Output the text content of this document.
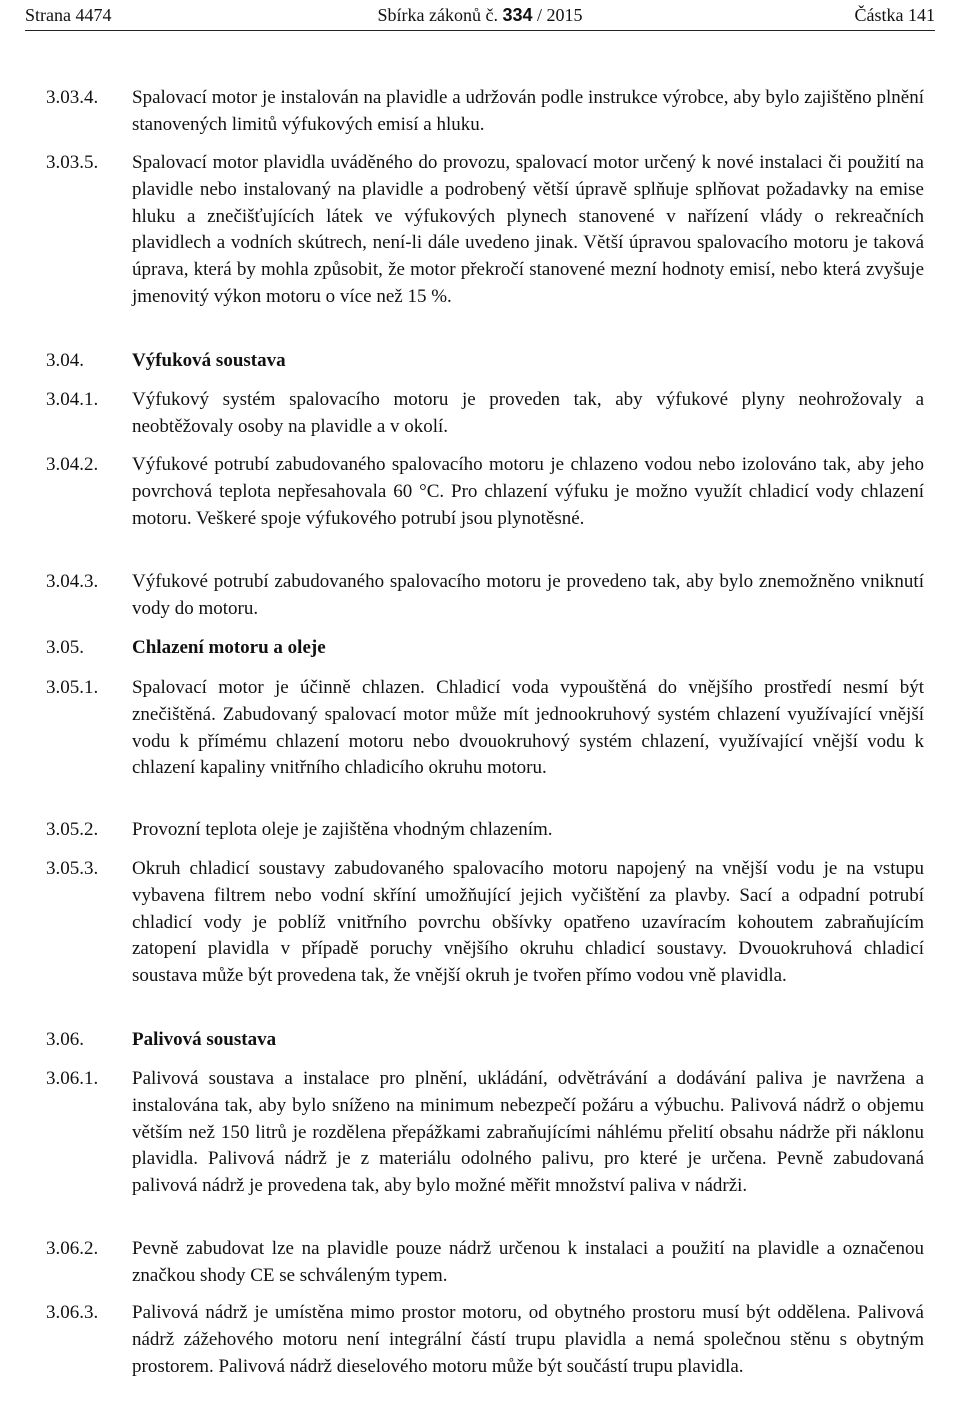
Strana 4474	Sbírka zákonů č. 334 / 2015	Částka 141
3.03.4.	Spalovací motor je instalován na plavidle a udržován podle instrukce výrobce, aby bylo zajištěno plnění stanovených limitů výfukových emisí a hluku.
3.03.5.	Spalovací motor plavidla uváděného do provozu, spalovací motor určený k nové instalaci či použití na plavidle nebo instalovaný na plavidle a podrobený větší úpravě splňuje splňovat požadavky na emise hluku a znečišťujících látek ve výfukových plynech stanovené v nařízení vlády o rekreačních plavidlech a vodních skútrech, není-li dále uvedeno jinak. Větší úpravou spalovacího motoru je taková úprava, která by mohla způsobit, že motor překročí stanovené mezní hodnoty emisí, nebo která zvyšuje jmenovitý výkon motoru o více než 15 %.
3.04.	Výfuková soustava
3.04.1.	Výfukový systém spalovacího motoru je proveden tak, aby výfukové plyny neohrožovaly a neobtěžovaly osoby na plavidle a v okolí.
3.04.2.	Výfukové potrubí zabudovaného spalovacího motoru je chlazeno vodou nebo izolováno tak, aby jeho povrchová teplota nepřesahovala 60 °C. Pro chlazení výfuku je možno využít chladicí vody chlazení motoru. Veškeré spoje výfukového potrubí jsou plynotěsné.
3.04.3.	Výfukové potrubí zabudovaného spalovacího motoru je provedeno tak, aby bylo znemožněno vniknutí vody do motoru.
3.05.	Chlazení motoru a oleje
3.05.1.	Spalovací motor je účinně chlazen. Chladicí voda vypouštěná do vnějšího prostředí nesmí být znečištěná. Zabudovaný spalovací motor může mít jednookruhový systém chlazení využívající vnější vodu k přímému chlazení motoru nebo dvouokruhový systém chlazení, využívající vnější vodu k chlazení kapaliny vnitřního chladicího okruhu motoru.
3.05.2.	Provozní teplota oleje je zajištěna vhodným chlazením.
3.05.3.	Okruh chladicí soustavy zabudovaného spalovacího motoru napojený na vnější vodu je na vstupu vybavena filtrem nebo vodní skříní umožňující jejich vyčištění za plavby. Sací a odpadní potrubí chladicí vody je poblíž vnitřního povrchu obšívky opatřeno uzavíracím kohoutem zabraňujícím zatopení plavidla v případě poruchy vnějšího okruhu chladicí soustavy. Dvouokruhová chladicí soustava může být provedena tak, že vnější okruh je tvořen přímo vodou vně plavidla.
3.06.	Palivová soustava
3.06.1.	Palivová soustava a instalace pro plnění, ukládání, odvětrávání a dodávání paliva je navržena a instalována tak, aby bylo sníženo na minimum nebezpečí požáru a výbuchu. Palivová nádrž o objemu větším než 150 litrů je rozdělena přepážkami zabraňujícími náhlému přelití obsahu nádrže při náklonu plavidla. Palivová nádrž je z materiálu odolného palivu, pro které je určena. Pevně zabudovaná palivová nádrž je provedena tak, aby bylo možné měřit množství paliva v nádrži.
3.06.2.	Pevně zabudovat lze na plavidle pouze nádrž určenou k instalaci a použití na plavidle a označenou značkou shody CE se schváleným typem.
3.06.3.	Palivová nádrž je umístěna mimo prostor motoru, od obytného prostoru musí být oddělena. Palivová nádrž zážehového motoru není integrální částí trupu plavidla a nemá společnou stěnu s obytným prostorem. Palivová nádrž dieselového motoru může být součástí trupu plavidla.
